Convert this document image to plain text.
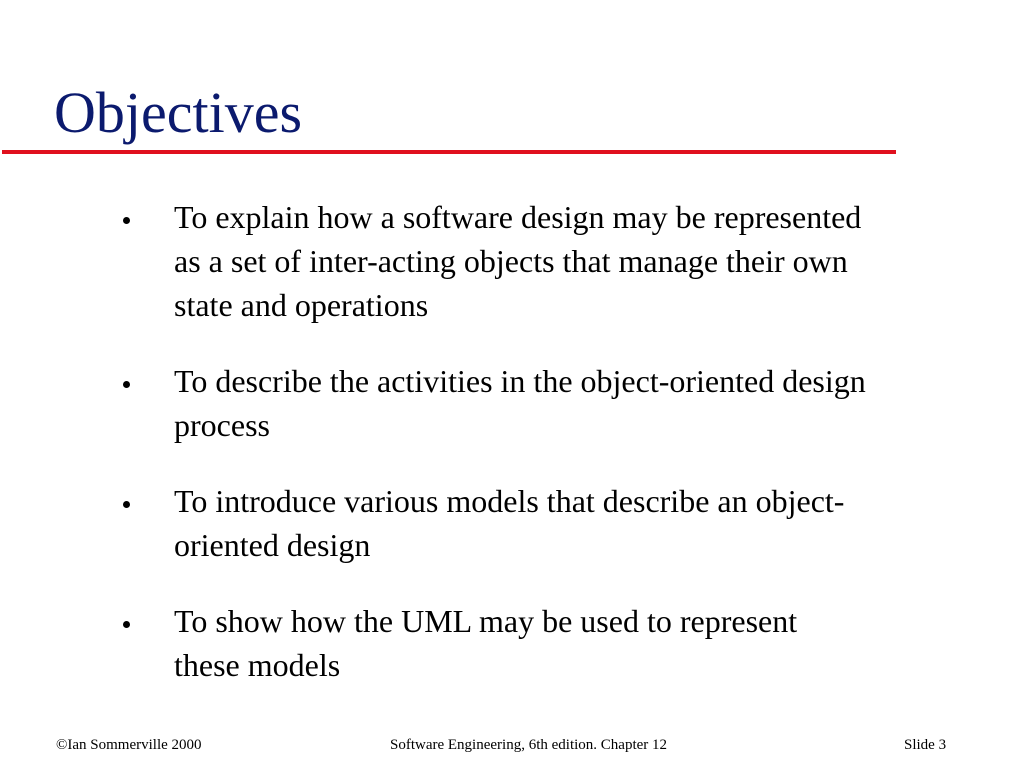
Objectives
To explain how a software design may be represented
as a set of inter-acting objects that manage their own
state and operations
To describe the activities in the object-oriented design
process
To introduce various models that describe an object-
oriented design
To show how the UML may be used to represent
these models
©Ian Sommerville 2000	Software Engineering, 6th edition. Chapter 12	Slide 3
